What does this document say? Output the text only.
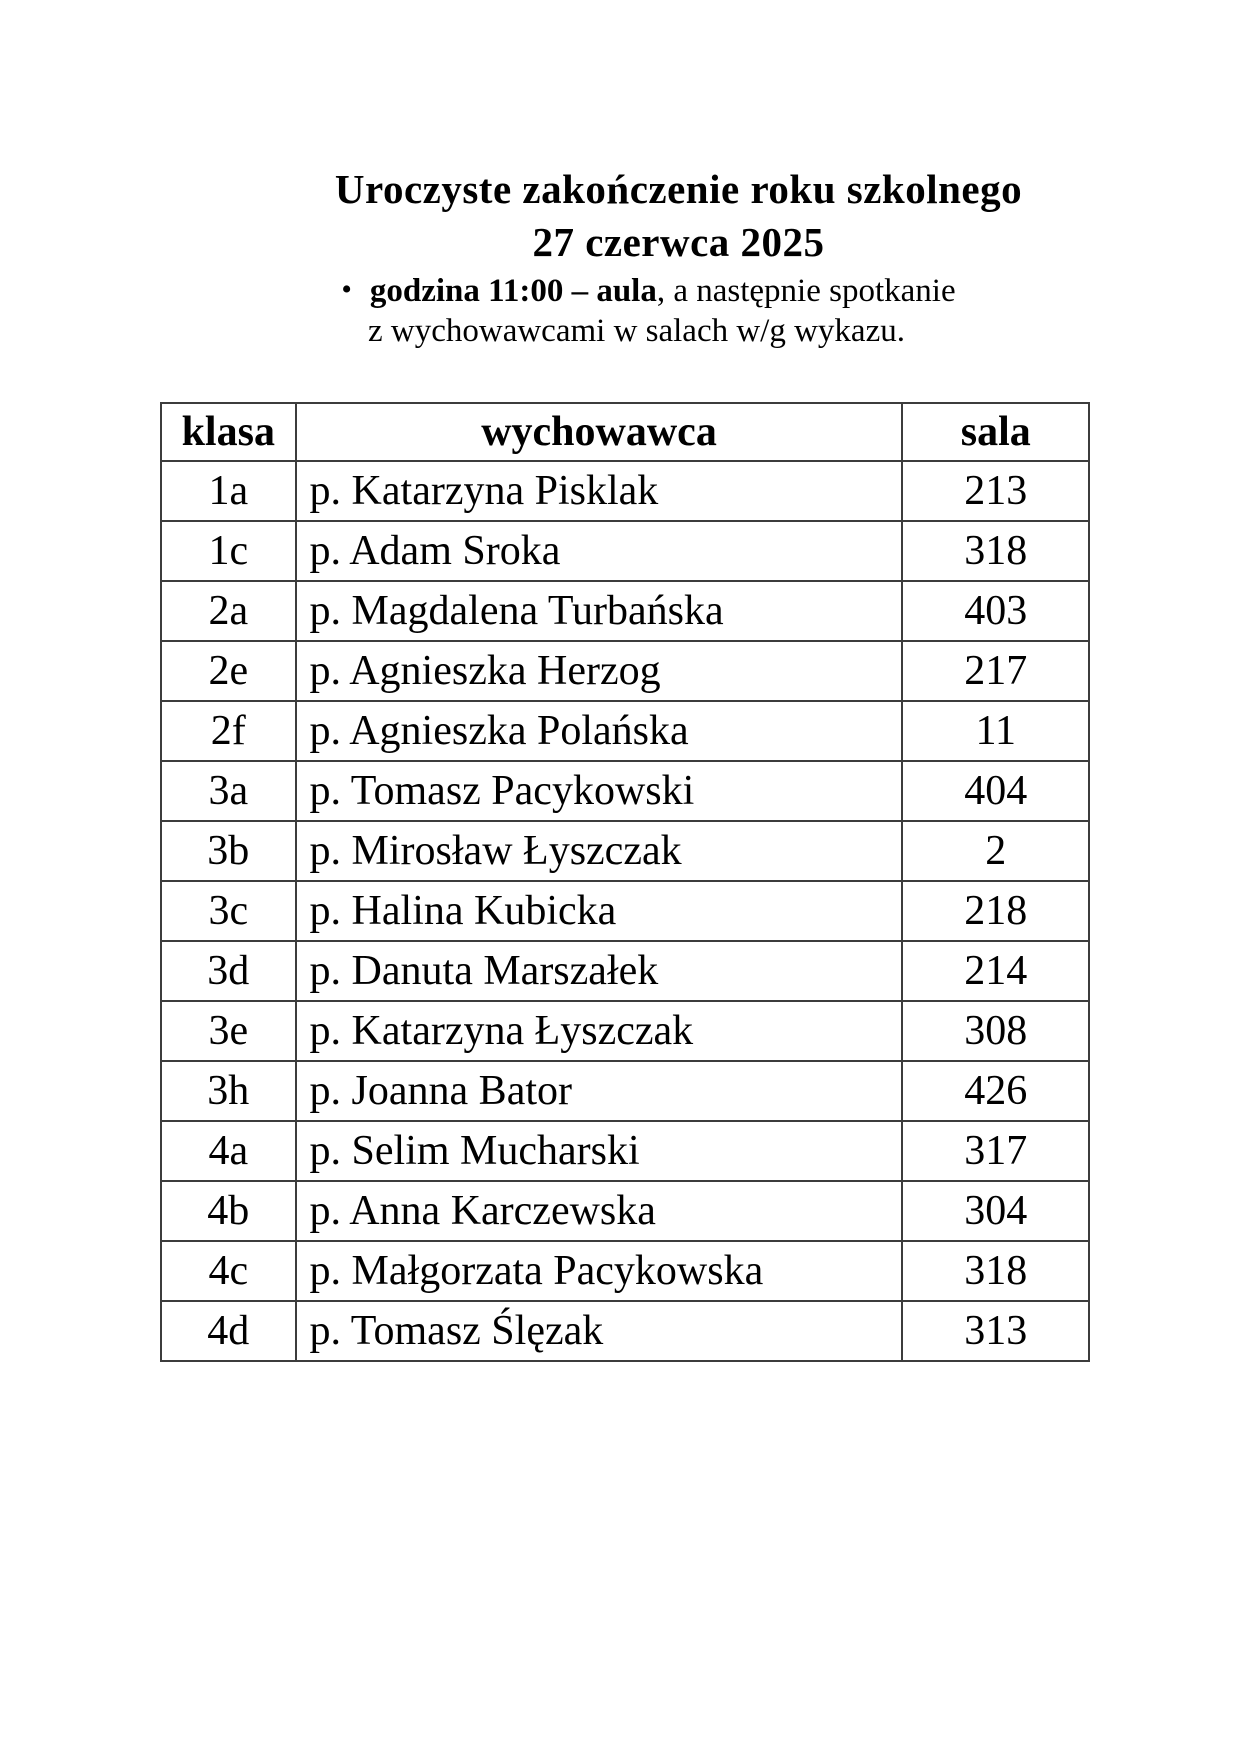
Uroczyste zakończenie roku szkolnego
27 czerwca 2025
• godzina 11:00 – aula, a następnie spotkanie
z wychowawcami w salach w/g wykazu.
klasa	wychowawca	sala
1a	p. Katarzyna Pisklak	213
1c	p. Adam Sroka	318
2a	p. Magdalena Turbańska	403
2e	p. Agnieszka Herzog	217
2f	p. Agnieszka Polańska	11
3a	p. Tomasz Pacykowski	404
3b	p. Mirosław Łyszczak	2
3c	p. Halina Kubicka	218
3d	p. Danuta Marszałek	214
3e	p. Katarzyna Łyszczak	308
3h	p. Joanna Bator	426
4a	p. Selim Mucharski	317
4b	p. Anna Karczewska	304
4c	p. Małgorzata Pacykowska	318
4d	p. Tomasz Ślęzak	313
